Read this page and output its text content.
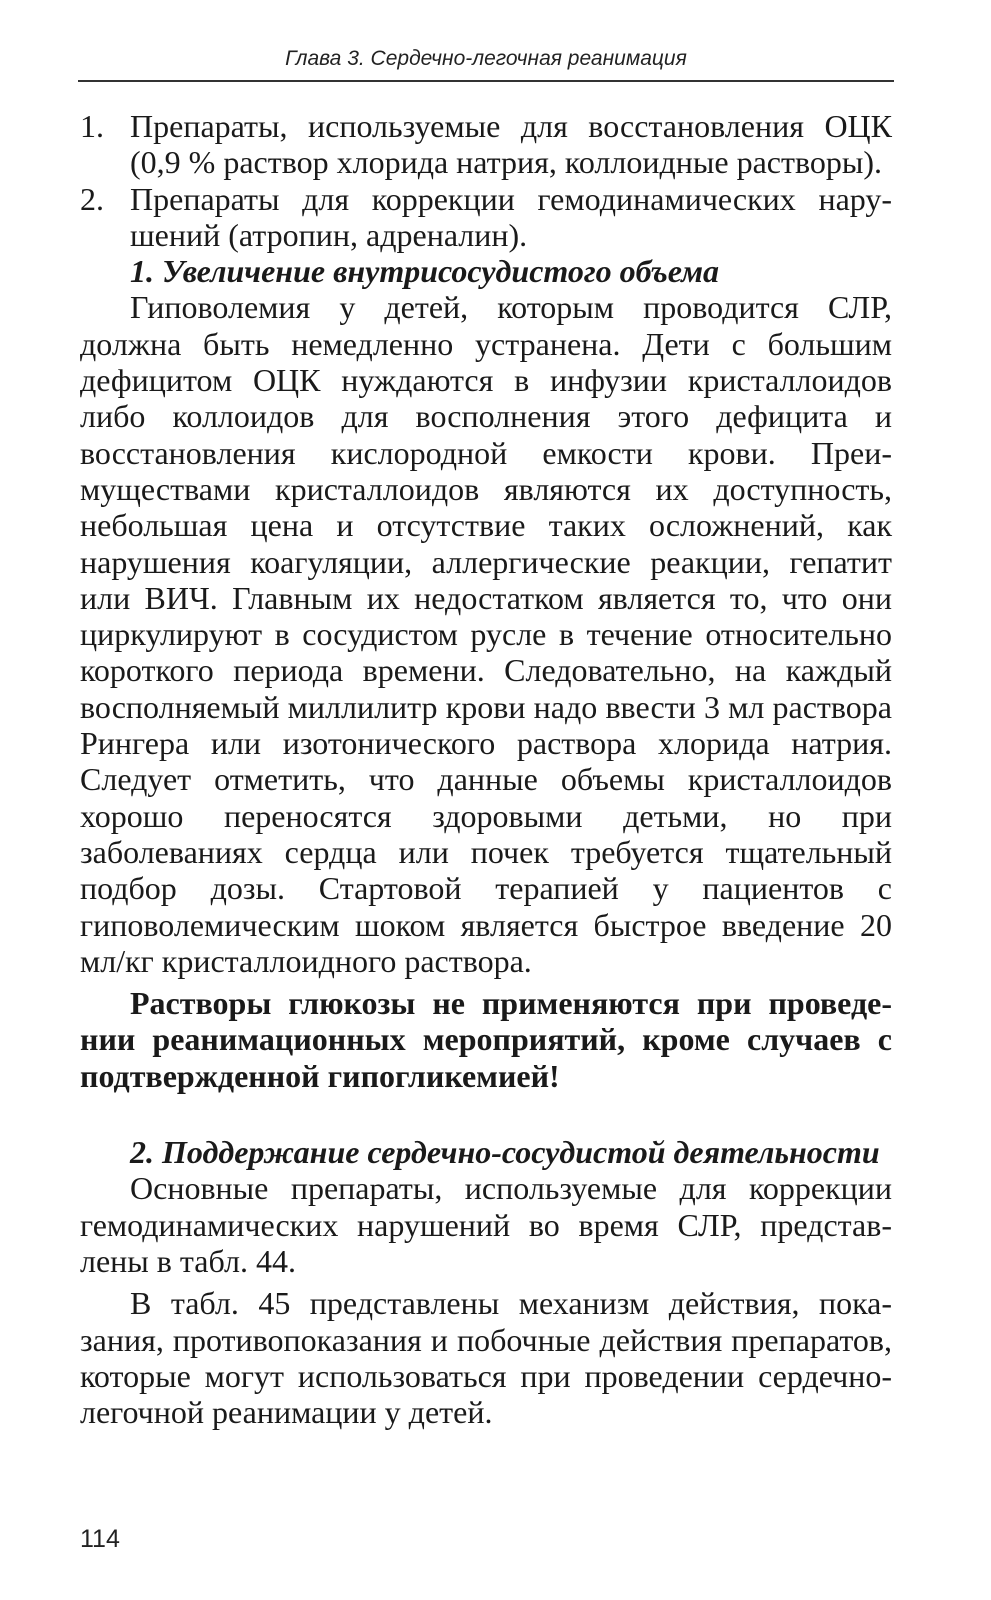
Глава 3. Сердечно-легочная реанимация
1. Препараты, используемые для восстановления ОЦК (0,9 % раствор хлорида натрия, коллоидные растворы).
2. Препараты для коррекции гемодинамических нарушений (атропин, адреналин).

1. Увеличение внутрисосудистого объема

Гиповолемия у детей, которым проводится СЛР, должна быть немедленно устранена. Дети с большим дефицитом ОЦК нуждаются в инфузии кристаллоидов либо коллоидов для восполнения этого дефицита и восстановления кислородной емкости крови. Преимуществами кристаллоидов являются их доступность, небольшая цена и отсутствие таких осложнений, как нарушения коагуляции, аллергические реакции, гепатит или ВИЧ. Главным их недостатком является то, что они циркулируют в сосудистом русле в течение относительно короткого периода времени. Следовательно, на каждый восполняемый миллилитр крови надо ввести 3 мл раствора Рингера или изотонического раствора хлорида натрия. Следует отметить, что данные объемы кристаллоидов хорошо переносятся здоровыми детьми, но при заболеваниях сердца или почек требуется тщательный подбор дозы. Стартовой терапией у пациентов с гиповолемическим шоком является быстрое введение 20 мл/кг кристаллоидного раствора.

Растворы глюкозы не применяются при проведении реанимационных мероприятий, кроме случаев с подтвержденной гипогликемией!

2. Поддержание сердечно-сосудистой деятельности

Основные препараты, используемые для коррекции гемодинамических нарушений во время СЛР, представлены в табл. 44.

В табл. 45 представлены механизм действия, показания, противопоказания и побочные действия препаратов, которые могут использоваться при проведении сердечно-легочной реанимации у детей.

114
